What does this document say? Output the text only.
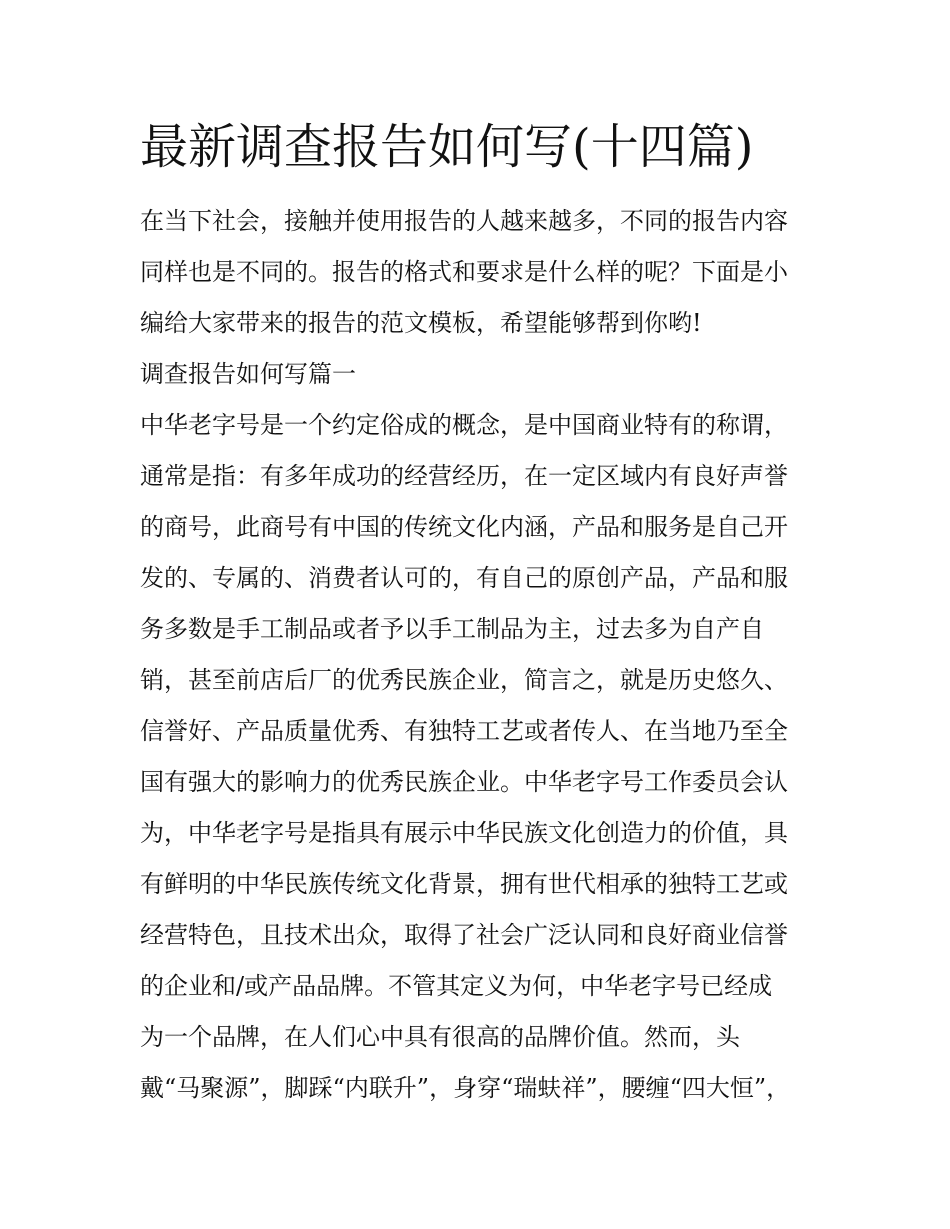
最新调查报告如何写(十四篇)
在当下社会，接触并使用报告的人越来越多，不同的报告内容
同样也是不同的。报告的格式和要求是什么样的呢？下面是小
编给大家带来的报告的范文模板，希望能够帮到你哟!
调查报告如何写篇一
中华老字号是一个约定俗成的概念，是中国商业特有的称谓，
通常是指：有多年成功的经营经历，在一定区域内有良好声誉
的商号，此商号有中国的传统文化内涵，产品和服务是自己开
发的、专属的、消费者认可的，有自己的原创产品，产品和服
务多数是手工制品或者予以手工制品为主，过去多为自产自
销，甚至前店后厂的优秀民族企业，简言之，就是历史悠久、
信誉好、产品质量优秀、有独特工艺或者传人、在当地乃至全
国有强大的影响力的优秀民族企业。中华老字号工作委员会认
为，中华老字号是指具有展示中华民族文化创造力的价值，具
有鲜明的中华民族传统文化背景，拥有世代相承的独特工艺或
经营特色，且技术出众，取得了社会广泛认同和良好商业信誉
的企业和/或产品品牌。不管其定义为何，中华老字号已经成
为一个品牌，在人们心中具有很高的品牌价值。然而，头
戴“马聚源”，脚踩“内联升”，身穿“瑞蚨祥”，腰缠“四大恒”，
